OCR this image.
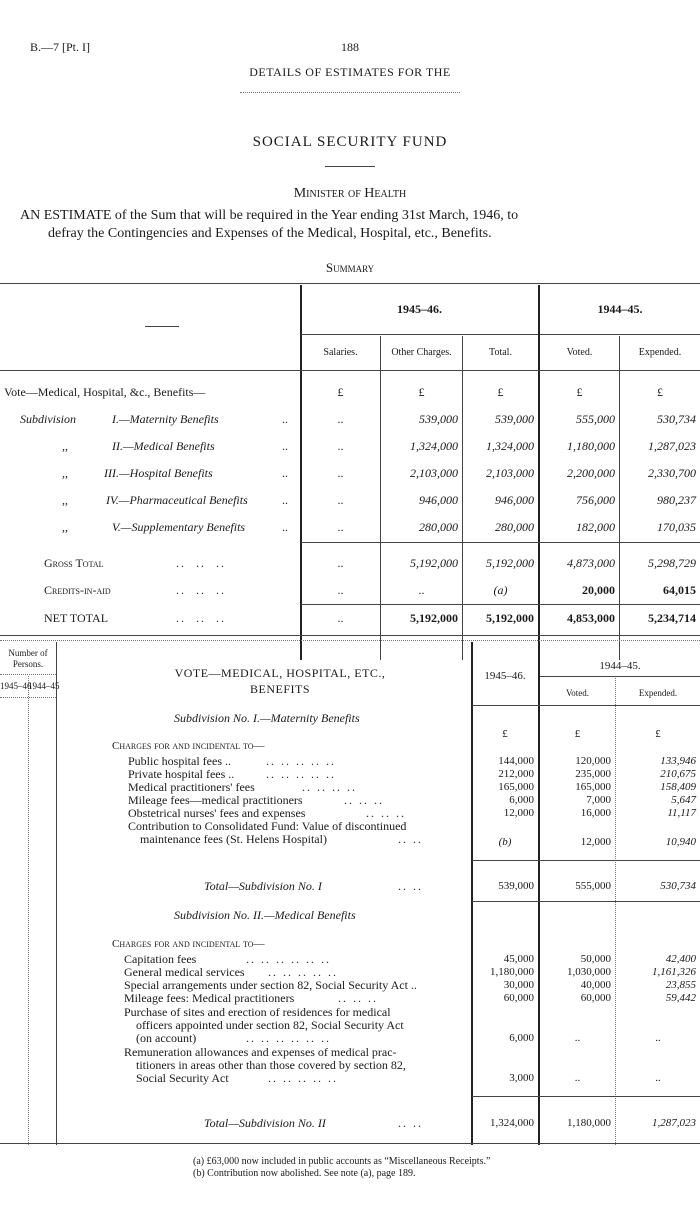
B.—7 [Pt. I]	188
DETAILS OF ESTIMATES FOR THE
SOCIAL SECURITY FUND
Minister of Health
AN ESTIMATE of the Sum that will be required in the Year ending 31st March, 1946, to
defray the Contingencies and Expenses of the Medical, Hospital, etc., Benefits.
Summary
1945–46.	1944–45.
Salaries.	Other Charges.	Total.	Voted.	Expended.
Vote—Medical, Hospital, &c., Benefits—	£	£	£	£	£
Subdivision	I.—Maternity Benefits	..	..	539,000	539,000	555,000	530,734
,,	II.—Medical Benefits	..	..	1,324,000	1,324,000	1,180,000	1,287,023
,,	III.—Hospital Benefits	..	..	2,103,000	2,103,000	2,200,000	2,330,700
,,	IV.—Pharmaceutical Benefits	..	..	946,000	946,000	756,000	980,237
,,	V.—Supplementary Benefits	..	..	280,000	280,000	182,000	170,035
Gross Total	..  ..  ..	..	5,192,000	5,192,000	4,873,000	5,298,729
Credits-in-aid	..  ..  ..	..	..	(a)	20,000	64,015
NET TOTAL	..  ..  ..	..	5,192,000	5,192,000	4,853,000	5,234,714
Number of Persons.
1945–46
1944–45
VOTE—MEDICAL, HOSPITAL, ETC.,
BENEFITS
1945–46.
1944–45.
Voted.	Expended.
Subdivision No. I.—Maternity Benefits
£	£	£
Charges for and incidental to—
Public hospital fees ..	.. .. .. .. ..	144,000	120,000	133,946
Private hospital fees ..	.. .. .. .. ..	212,000	235,000	210,675
Medical practitioners' fees	.. .. .. ..	165,000	165,000	158,409
Mileage fees—medical practitioners	.. .. ..	6,000	7,000	5,647
Obstetrical nurses' fees and expenses	.. .. ..	12,000	16,000	11,117
Contribution to Consolidated Fund: Value of discontinued
maintenance fees (St. Helens Hospital)	.. ..	(b)	12,000	10,940
Total—Subdivision No. I	.. ..	539,000	555,000	530,734
Subdivision No. II.—Medical Benefits
Charges for and incidental to—
Capitation fees	.. .. .. .. .. ..	45,000	50,000	42,400
General medical services .. .. .. .. ..	1,180,000	1,030,000	1,161,326
Special arrangements under section 82, Social Security Act ..	30,000	40,000	23,855
Mileage fees: Medical practitioners	.. .. ..	60,000	60,000	59,442
Purchase of sites and erection of residences for medical
officers appointed under section 82, Social Security Act
(on account)	.. .. .. .. .. ..	6,000	..	..
Remuneration allowances and expenses of medical prac-
titioners in areas other than those covered by section 82,
Social Security Act	.. .. .. .. ..	3,000	..	..
Total—Subdivision No. II	.. ..	1,324,000	1,180,000	1,287,023
(a) £63,000 now included in public accounts as “Miscellaneous Receipts.”
(b) Contribution now abolished. See note (a), page 189.
